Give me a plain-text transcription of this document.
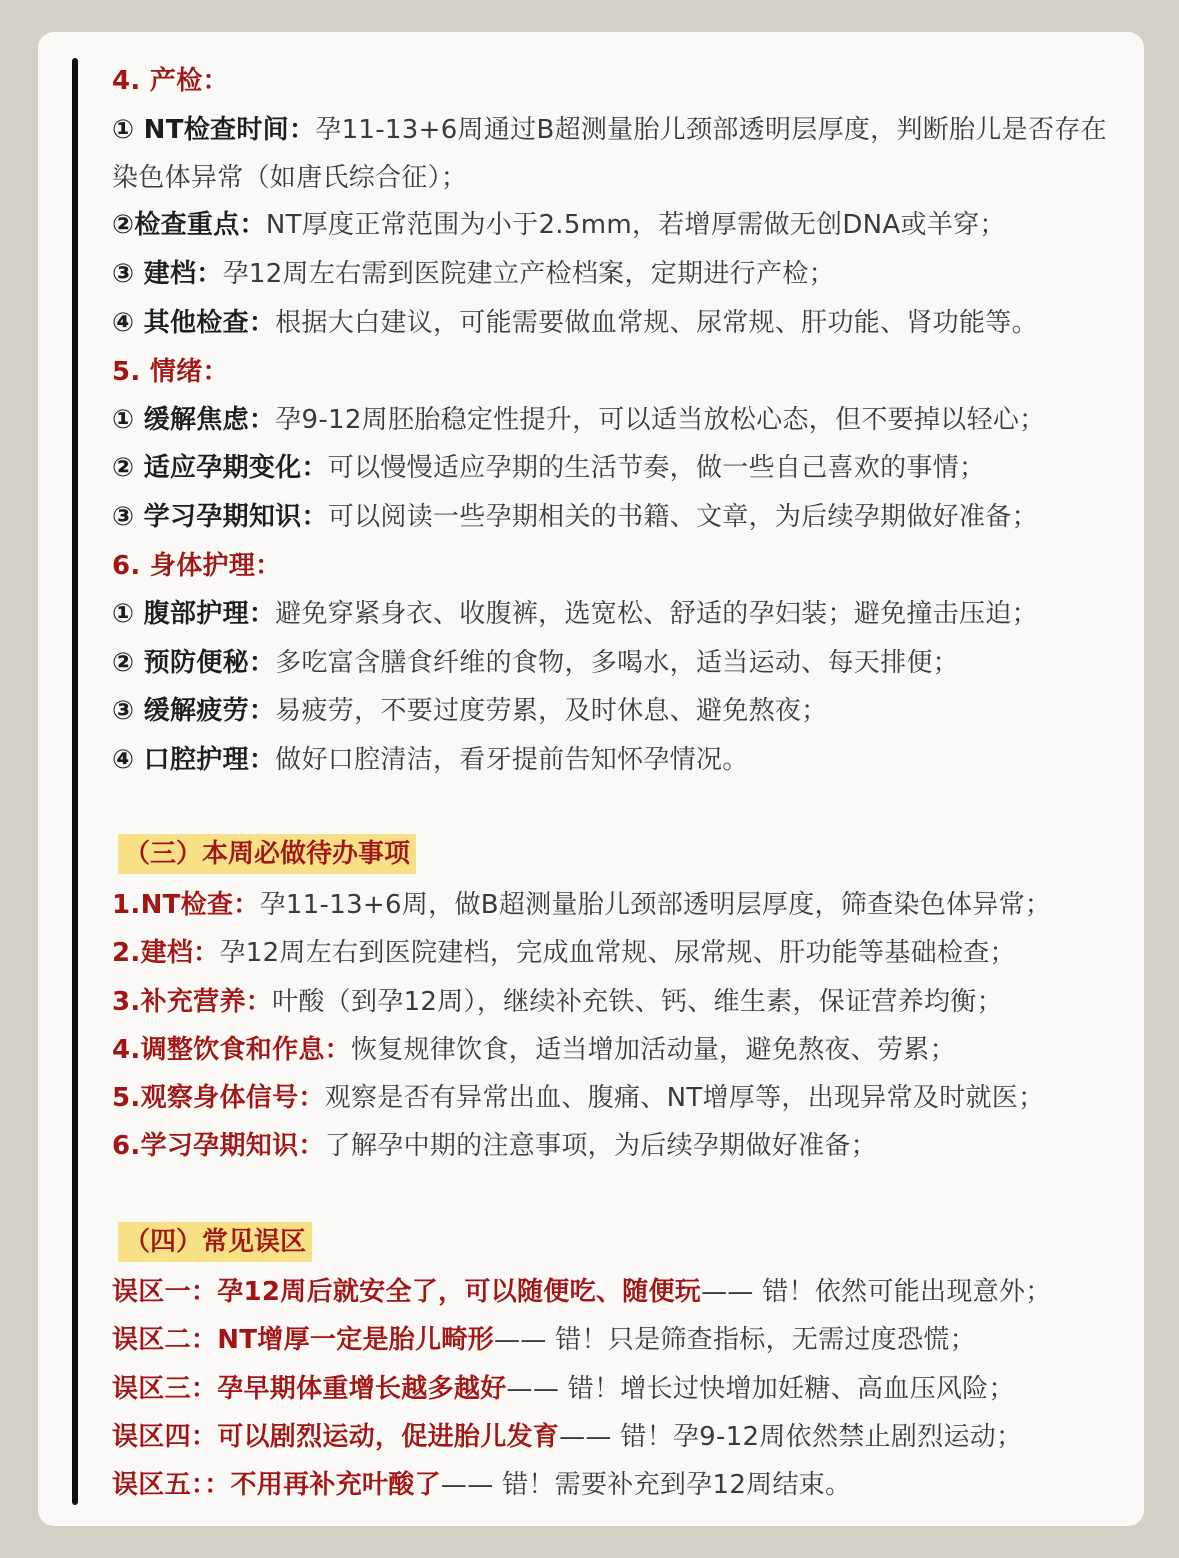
4. 产检：
① NT检查时间：孕11-13+6周通过B超测量胎儿颈部透明层厚度，判断胎儿是否存在染色体异常（如唐氏综合征）；
②检查重点：NT厚度正常范围为小于2.5mm，若增厚需做无创DNA或羊穿；
③ 建档：孕12周左右需到医院建立产检档案，定期进行产检；
④ 其他检查：根据大白建议，可能需要做血常规、尿常规、肝功能、肾功能等。
5. 情绪：
① 缓解焦虑：孕9-12周胚胎稳定性提升，可以适当放松心态，但不要掉以轻心；
② 适应孕期变化：可以慢慢适应孕期的生活节奏，做一些自己喜欢的事情；
③ 学习孕期知识：可以阅读一些孕期相关的书籍、文章，为后续孕期做好准备；
6. 身体护理：
① 腹部护理：避免穿紧身衣、收腹裤，选宽松、舒适的孕妇装；避免撞击压迫；
② 预防便秘：多吃富含膳食纤维的食物，多喝水，适当运动、每天排便；
③ 缓解疲劳：易疲劳，不要过度劳累，及时休息、避免熬夜；
④ 口腔护理：做好口腔清洁，看牙提前告知怀孕情况。
（三）本周必做待办事项
1.NT检查：孕11-13+6周，做B超测量胎儿颈部透明层厚度，筛查染色体异常；
2.建档：孕12周左右到医院建档，完成血常规、尿常规、肝功能等基础检查；
3.补充营养：叶酸（到孕12周），继续补充铁、钙、维生素，保证营养均衡；
4.调整饮食和作息：恢复规律饮食，适当增加活动量，避免熬夜、劳累；
5.观察身体信号：观察是否有异常出血、腹痛、NT增厚等，出现异常及时就医；
6.学习孕期知识：了解孕中期的注意事项，为后续孕期做好准备；
（四）常见误区
误区一：孕12周后就安全了，可以随便吃、随便玩—— 错！依然可能出现意外；
误区二：NT增厚一定是胎儿畸形—— 错！只是筛查指标，无需过度恐慌；
误区三：孕早期体重增长越多越好—— 错！增长过快增加妊糖、高血压风险；
误区四：可以剧烈运动，促进胎儿发育—— 错！孕9-12周依然禁止剧烈运动；
误区五：：不用再补充叶酸了—— 错！需要补充到孕12周结束。
